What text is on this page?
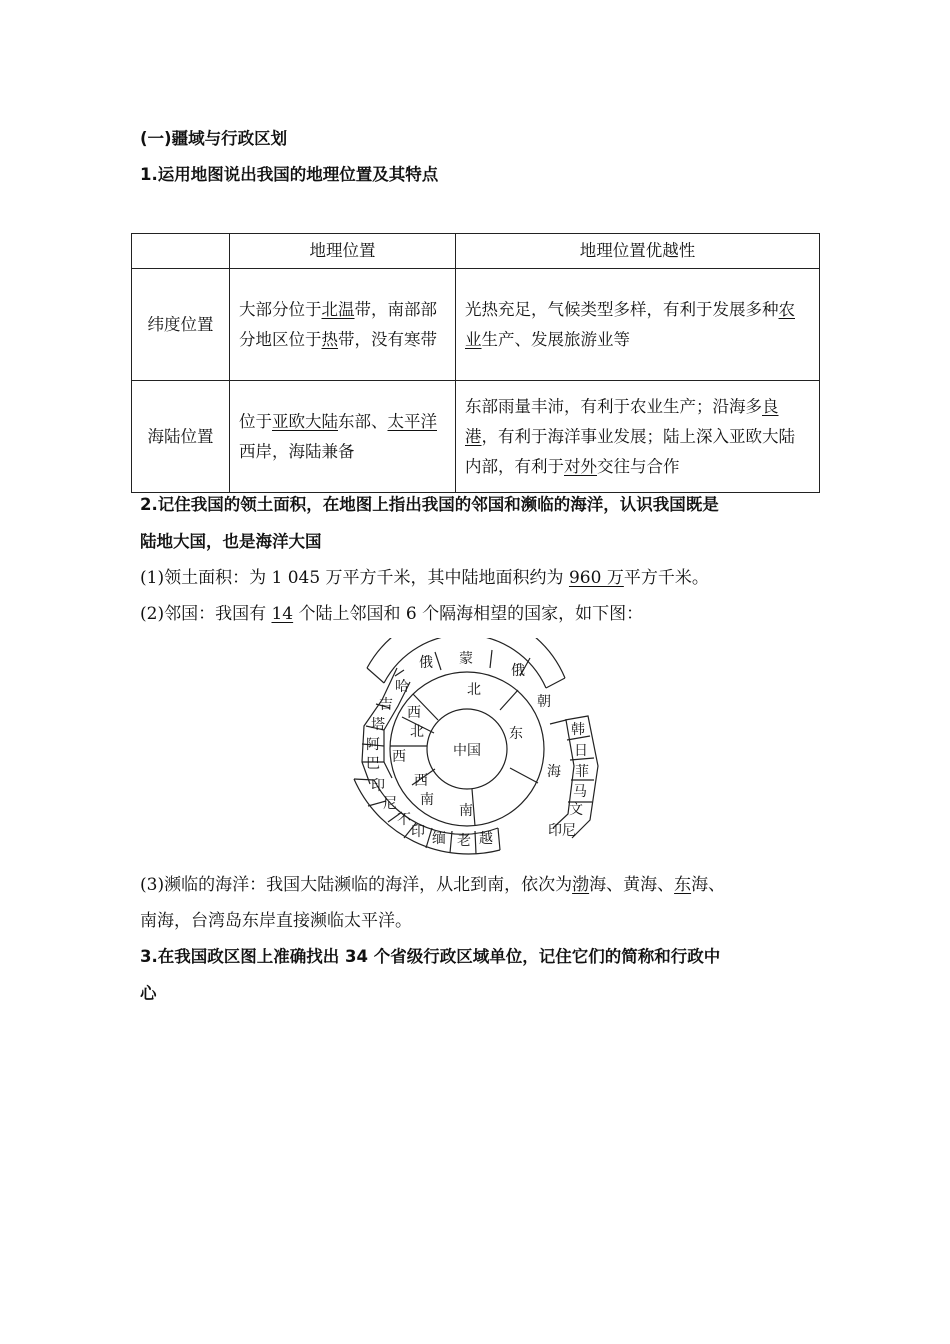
(一)疆域与行政区划
1.运用地图说出我国的地理位置及其特点
	地理位置	地理位置优越性
纬度位置	大部分位于北温带，南部部分地区位于热带，没有寒带	光热充足，气候类型多样，有利于发展多种农业生产、发展旅游业等
海陆位置	位于亚欧大陆东部、太平洋西岸，海陆兼备	东部雨量丰沛，有利于农业生产；沿海多良港，有利于海洋事业发展；陆上深入亚欧大陆内部，有利于对外交往与合作
2.记住我国的领土面积，在地图上指出我国的邻国和濒临的海洋，认识我国既是
陆地大国，也是海洋大国
(1)领土面积：为 1 045 万平方千米，其中陆地面积约为 960 万平方千米。
(2)邻国：我国有 14 个陆上邻国和 6 个隔海相望的国家，如下图：
中国
北
东
南
西
南
西
西
北
海
蒙
俄	俄
朝
哈
吉
塔
阿
巴
印
尼
不
印 缅 老 越
韩
日
菲
马
文
印尼
(3)濒临的海洋：我国大陆濒临的海洋，从北到南，依次为渤海、黄海、东海、
南海，台湾岛东岸直接濒临太平洋。
3.在我国政区图上准确找出 34 个省级行政区域单位，记住它们的简称和行政中
心
